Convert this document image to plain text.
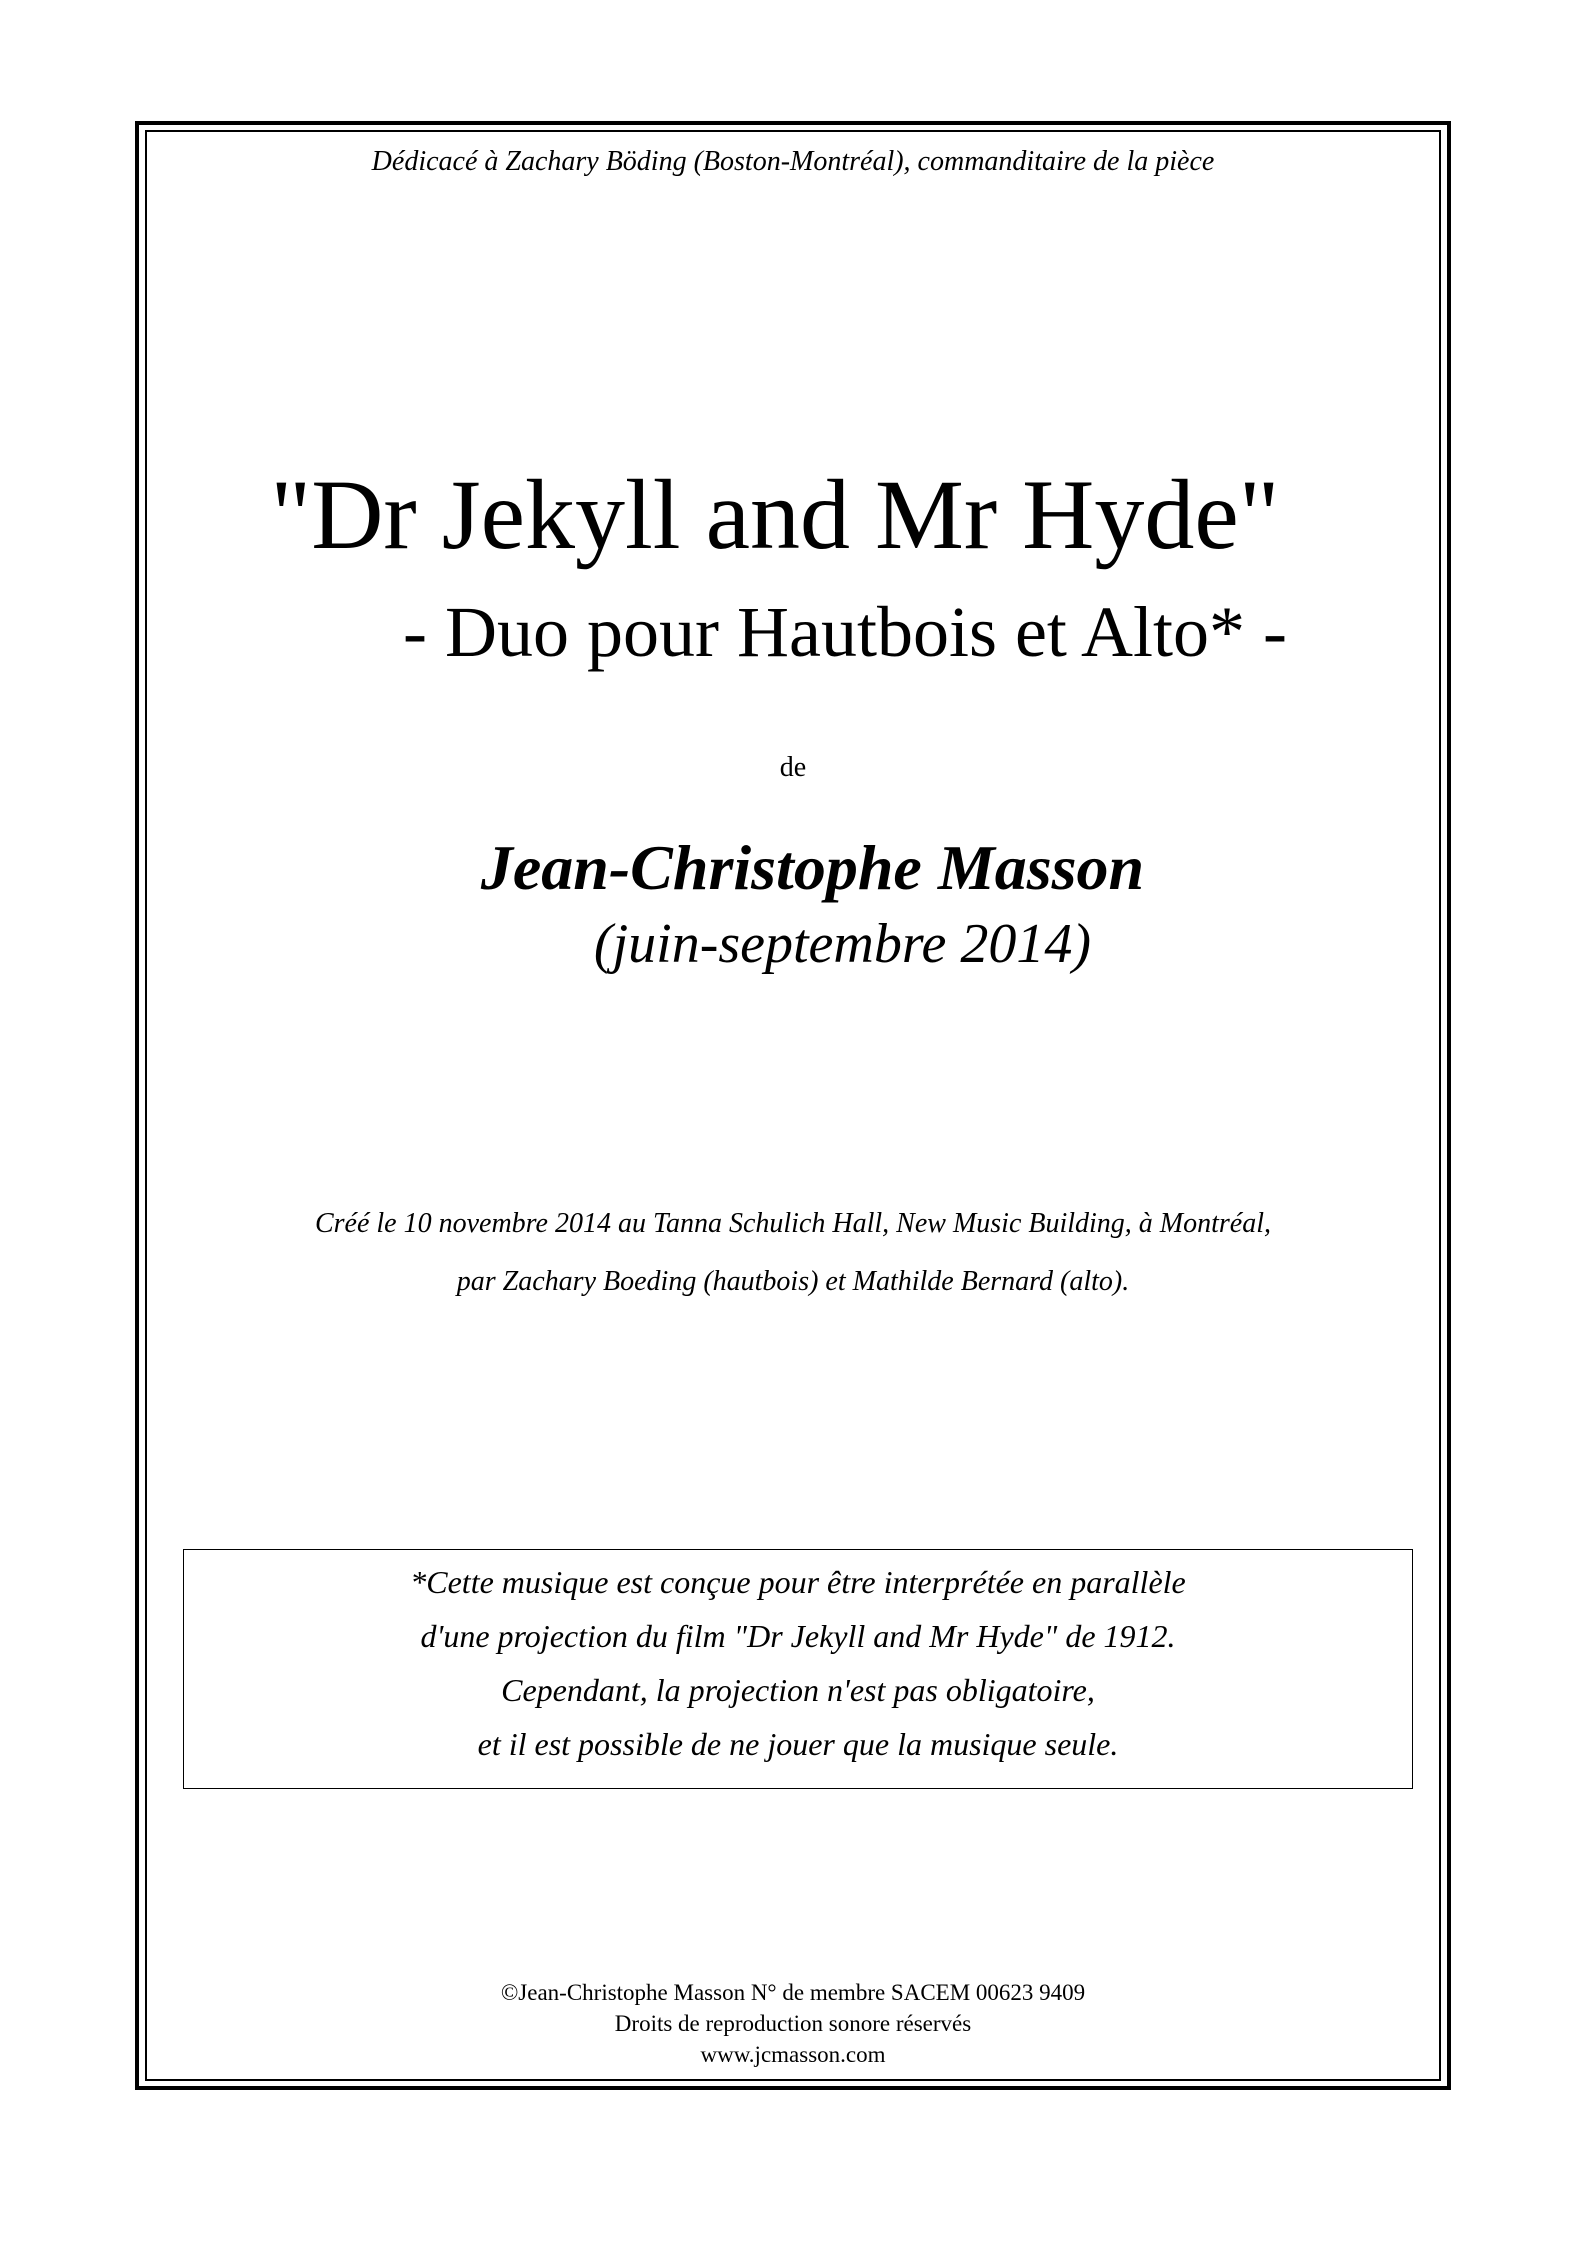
Dédicacé à Zachary Böding (Boston-Montréal), commanditaire de la pièce
"Dr Jekyll and Mr Hyde"
- Duo pour Hautbois et Alto* -
de
Jean-Christophe Masson
(juin-septembre 2014)
Créé le 10 novembre 2014 au Tanna Schulich Hall, New Music Building, à Montréal,
par Zachary Boeding (hautbois) et Mathilde Bernard (alto).
*Cette musique est conçue pour être interprétée en parallèle
d'une projection du film "Dr Jekyll and Mr Hyde" de 1912.
Cependant, la projection n'est pas obligatoire,
et il est possible de ne jouer que la musique seule.
©Jean-Christophe Masson N° de membre SACEM 00623 9409
Droits de reproduction sonore réservés
www.jcmasson.com
